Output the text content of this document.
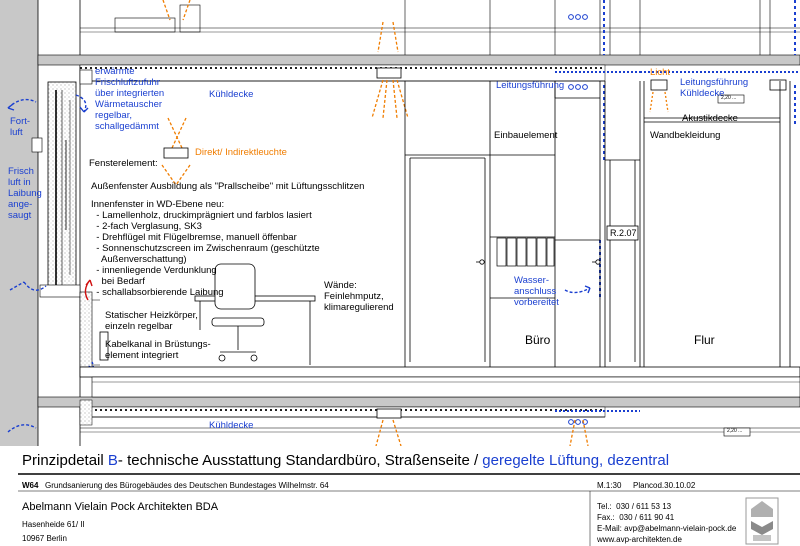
Fort-
luft
Frisch
luft in
Laibung
ange-
saugt
erwärmte
Frischluftzufuhr
über integrierten
Wärmetauscher
regelbar,
schallgedämmt
Kühldecke
Kühldecke
Direkt/ Indirektleuchte
Leitungsführung
Licht
Leitungsführung
Kühldecke
Akustikdecke
Einbauelement	Wandbekleidung
Fensterelement:
Außenfenster Ausbildung als "Prallscheibe" mit Lüftungsschlitzen
Innenfenster in WD-Ebene neu:
- Lamellenholz, druckimprägniert und farblos lasiert
- 2-fach Verglasung, SK3
- Drehflügel mit Flügelbremse, manuell öffenbar
- Sonnenschutzscreen im Zwischenraum (geschützte
Außenverschattung)
- innenliegende Verdunklung
bei Bedarf
- schallabsorbierende Laibung
Wände:
Feinlehmputz,
klimaregulierend
Statischer Heizkörper,
einzeln regelbar
Kabelkanal in Brüstungs-
element integriert
Wasser-
anschluss
vorbereitet
Büro	Flur
R.2.07
2,20 ...
2,20 ...
Prinzipdetail B- technische Ausstattung Standardbüro, Straßenseite / geregelte Lüftung, dezentral
W64 Grundsanierung des Bürogebäudes des Deutschen Bundestages Wilhelmstr. 64	M.1:30 Plancod.30.10.02
Abelmann Vielain Pock Architekten BDA
Hasenheide 61/ II
10967 Berlin
Tel.:  030 / 611 53 13
Fax.:  030 / 611 90 41
E-Mail: avp@abelmann-vielain-pock.de
www.avp-architekten.de
